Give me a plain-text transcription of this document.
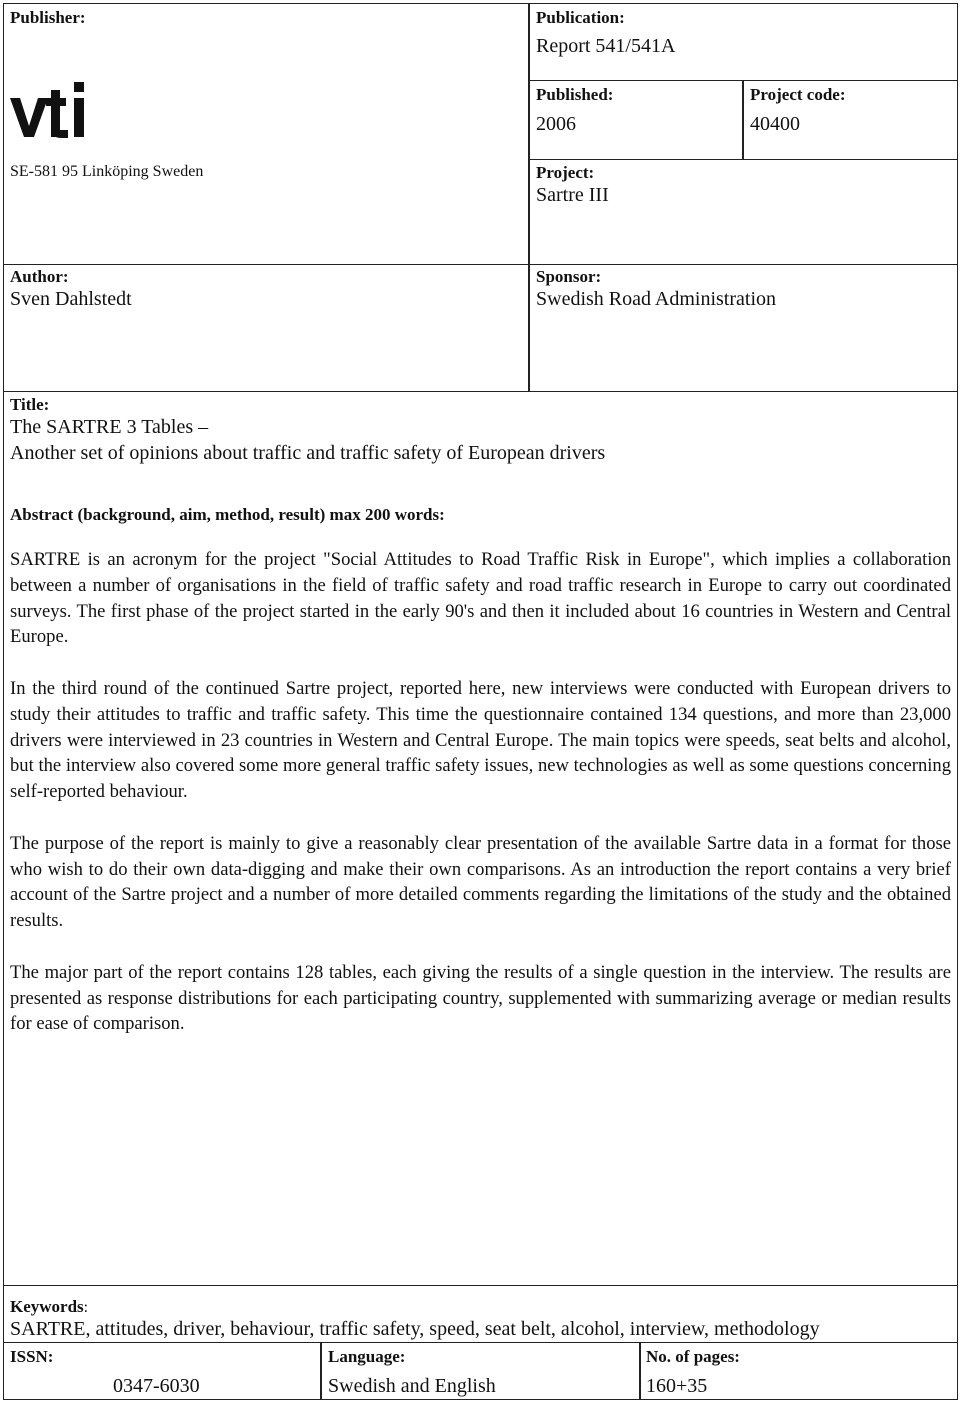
Publisher:
SE-581 95 Linköping Sweden
Publication:
Report 541/541A
Published:
2006
Project code:
40400
Project:
Sartre III
Author:
Sven Dahlstedt
Sponsor:
Swedish Road Administration
Title:
The SARTRE 3 Tables –
Another set of opinions about traffic and traffic safety of European drivers
Abstract (background, aim, method, result) max 200 words:

SARTRE is an acronym for the project "Social Attitudes to Road Traffic Risk in Europe", which implies a collaboration between a number of organisations in the field of traffic safety and road traffic research in Europe to carry out coordinated surveys. The first phase of the project started in the early 90's and then it included about 16 countries in Western and Central Europe.

In the third round of the continued Sartre project, reported here, new interviews were conducted with European drivers to study their attitudes to traffic and traffic safety. This time the questionnaire contained 134 questions, and more than 23,000 drivers were interviewed in 23 countries in Western and Central Europe. The main topics were speeds, seat belts and alcohol, but the interview also covered some more general traffic safety issues, new technologies as well as some questions concerning self-reported behaviour.

The purpose of the report is mainly to give a reasonably clear presentation of the available Sartre data in a format for those who wish to do their own data-digging and make their own comparisons. As an introduction the report contains a very brief account of the Sartre project and a number of more detailed comments regarding the limitations of the study and the obtained results.

The major part of the report contains 128 tables, each giving the results of a single question in the interview. The results are presented as response distributions for each participating country, supplemented with summarizing average or median results for ease of comparison.

Keywords:
SARTRE, attitudes, driver, behaviour, traffic safety, speed, seat belt, alcohol, interview, methodology
ISSN:
0347-6030
Language:
Swedish and English
No. of pages:
160+35
